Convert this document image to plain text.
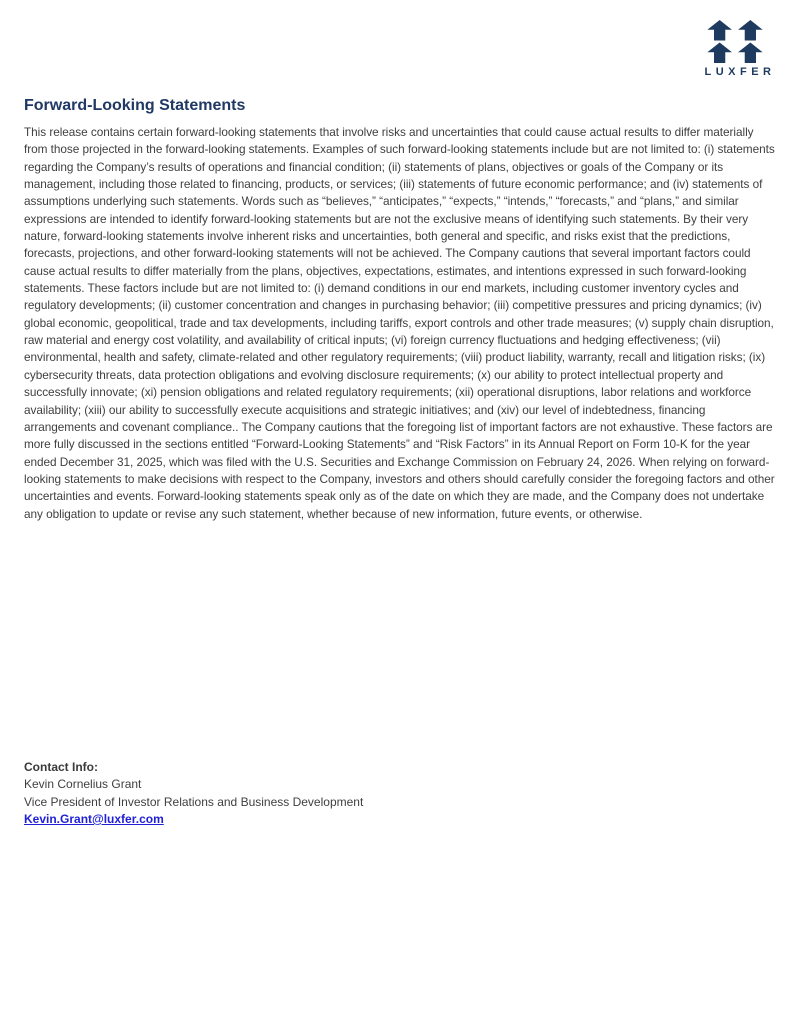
LUXFER
Forward-Looking Statements

This release contains certain forward-looking statements that involve risks and uncertainties that could cause actual results to differ materially from those projected in the forward-looking statements. Examples of such forward-looking statements include but are not limited to: (i) statements regarding the Company’s results of operations and financial condition; (ii) statements of plans, objectives or goals of the Company or its management, including those related to financing, products, or services; (iii) statements of future economic performance; and (iv) statements of assumptions underlying such statements. Words such as “believes,” “anticipates,” “expects,” “intends,” “forecasts,” and “plans,” and similar expressions are intended to identify forward-looking statements but are not the exclusive means of identifying such statements. By their very nature, forward-looking statements involve inherent risks and uncertainties, both general and specific, and risks exist that the predictions, forecasts, projections, and other forward-looking statements will not be achieved. The Company cautions that several important factors could cause actual results to differ materially from the plans, objectives, expectations, estimates, and intentions expressed in such forward-looking statements. These factors include but are not limited to: (i) demand conditions in our end markets, including customer inventory cycles and regulatory developments; (ii) customer concentration and changes in purchasing behavior; (iii) competitive pressures and pricing dynamics; (iv) global economic, geopolitical, trade and tax developments, including tariffs, export controls and other trade measures; (v) supply chain disruption, raw material and energy cost volatility, and availability of critical inputs; (vi) foreign currency fluctuations and hedging effectiveness; (vii) environmental, health and safety, climate-related and other regulatory requirements; (viii) product liability, warranty, recall and litigation risks; (ix) cybersecurity threats, data protection obligations and evolving disclosure requirements; (x) our ability to protect intellectual property and successfully innovate; (xi) pension obligations and related regulatory requirements; (xii) operational disruptions, labor relations and workforce availability; (xiii) our ability to successfully execute acquisitions and strategic initiatives; and (xiv) our level of indebtedness, financing arrangements and covenant compliance.. The Company cautions that the foregoing list of important factors are not exhaustive. These factors are more fully discussed in the sections entitled “Forward-Looking Statements” and “Risk Factors” in its Annual Report on Form 10-K for the year ended December 31, 2025, which was filed with the U.S. Securities and Exchange Commission on February 24, 2026. When relying on forward-looking statements to make decisions with respect to the Company, investors and others should carefully consider the foregoing factors and other uncertainties and events. Forward-looking statements speak only as of the date on which they are made, and the Company does not undertake any obligation to update or revise any such statement, whether because of new information, future events, or otherwise.

Contact Info:
Kevin Cornelius Grant
Vice President of Investor Relations and Business Development
Kevin.Grant@luxfer.com
